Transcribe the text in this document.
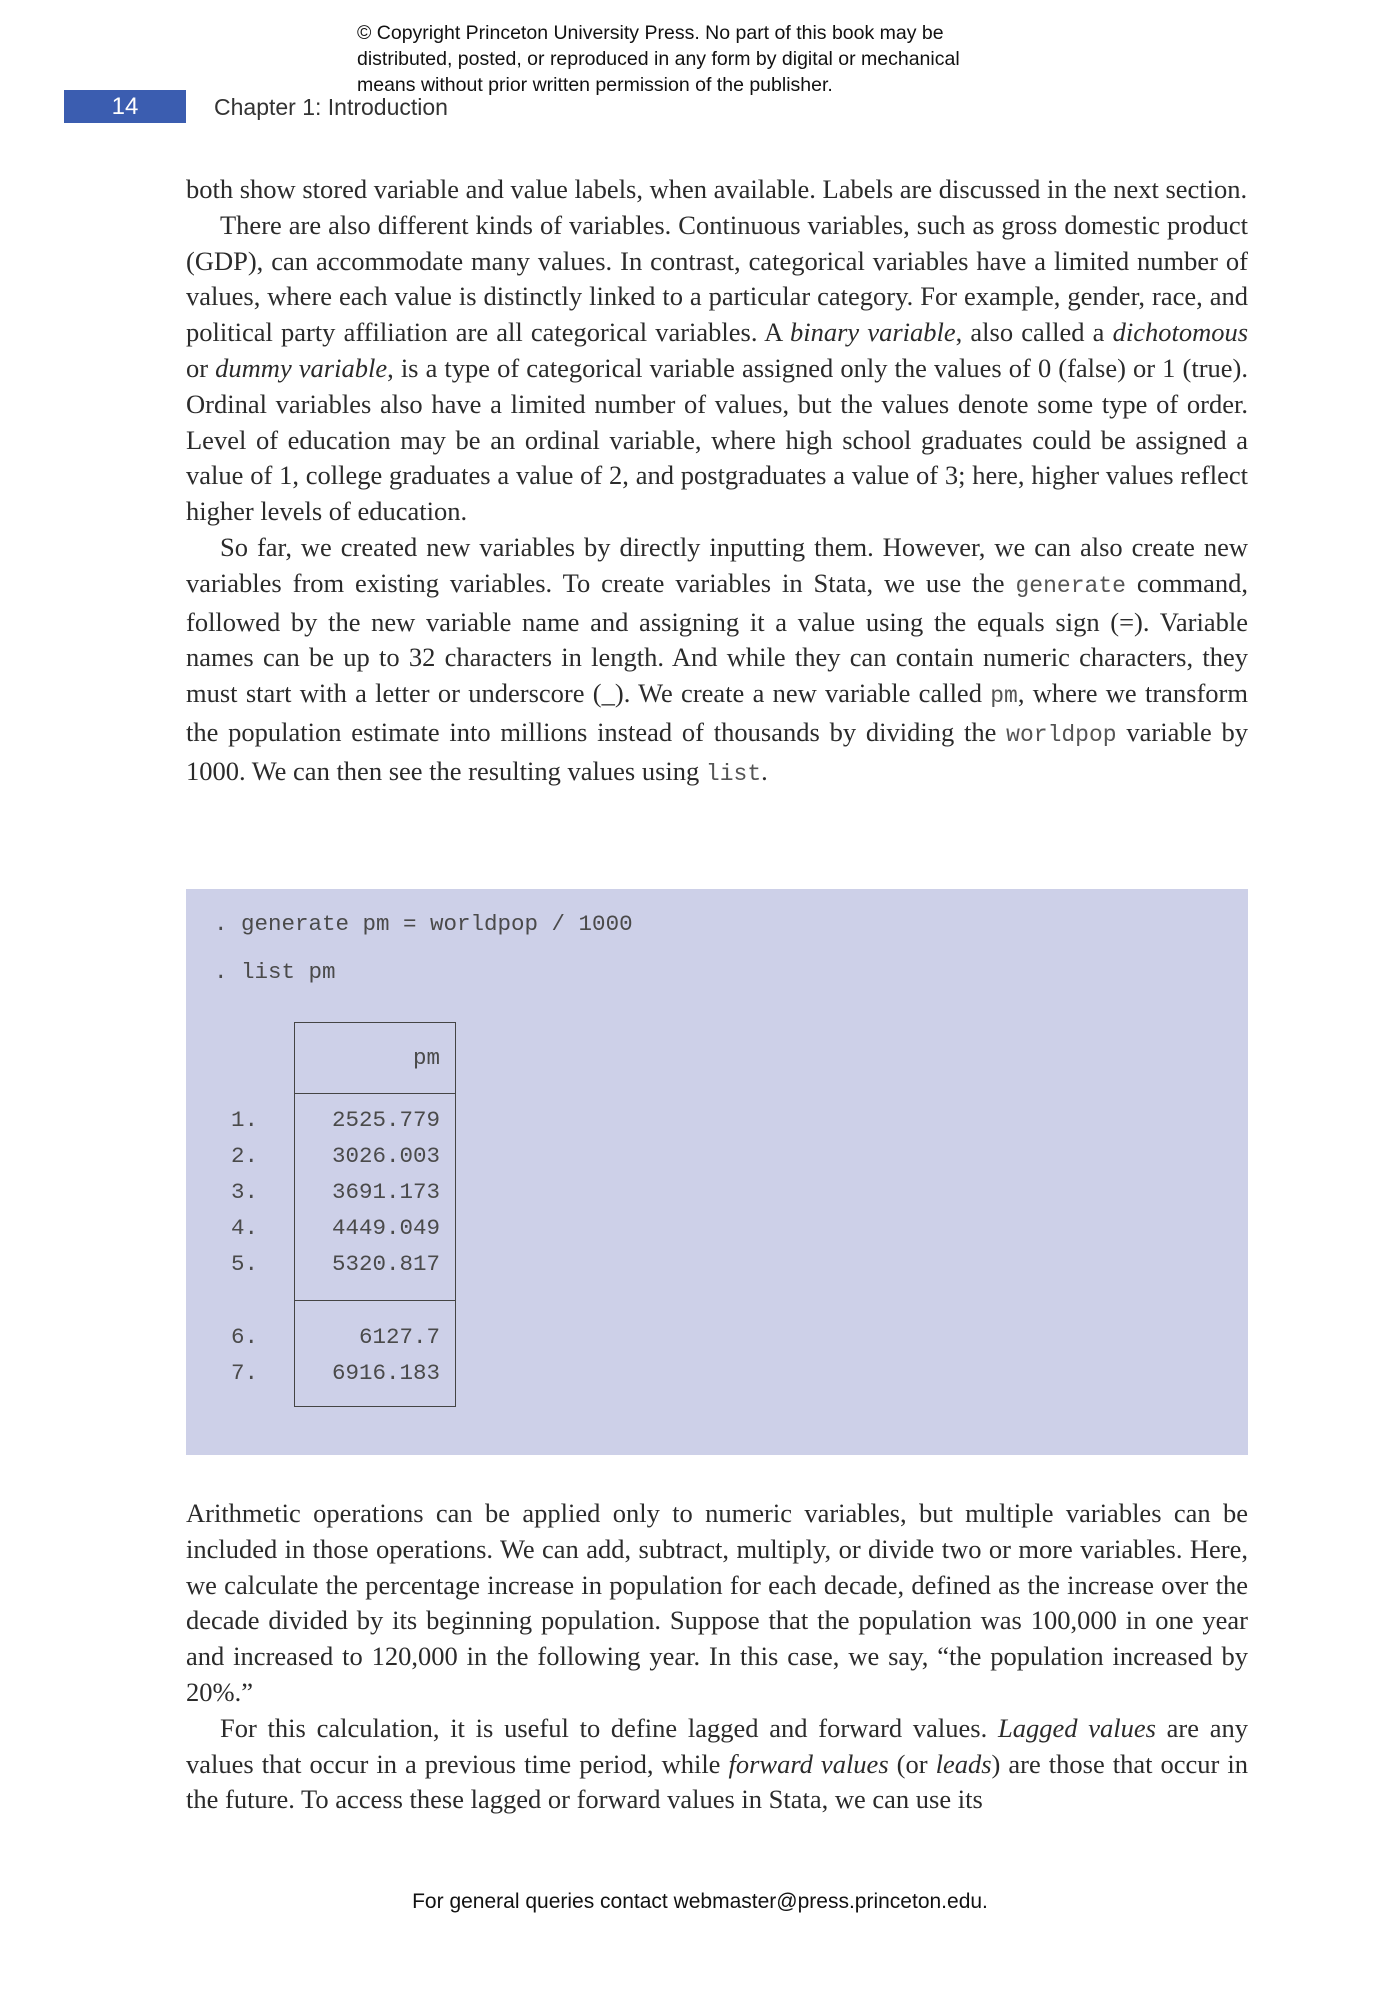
© Copyright Princeton University Press. No part of this book may be
distributed, posted, or reproduced in any form by digital or mechanical
means without prior written permission of the publisher.
14	Chapter 1: Introduction

both show stored variable and value labels, when available. Labels are discussed in the next section.

There are also different kinds of variables. Continuous variables, such as gross domestic product (GDP), can accommodate many values. In contrast, categorical variables have a limited number of values, where each value is distinctly linked to a particular category. For example, gender, race, and political party affiliation are all categorical variables. A binary variable, also called a dichotomous or dummy variable, is a type of categorical variable assigned only the values of 0 (false) or 1 (true). Ordinal variables also have a limited number of values, but the values denote some type of order. Level of education may be an ordinal variable, where high school graduates could be assigned a value of 1, college graduates a value of 2, and postgraduates a value of 3; here, higher values reflect higher levels of education.

So far, we created new variables by directly inputting them. However, we can also create new variables from existing variables. To create variables in Stata, we use the generate command, followed by the new variable name and assigning it a value using the equals sign (=). Variable names can be up to 32 characters in length. And while they can contain numeric characters, they must start with a letter or underscore (_). We create a new variable called pm, where we transform the population estimate into millions instead of thousands by dividing the worldpop variable by 1000. We can then see the resulting values using list.

. generate pm = worldpop / 1000
. list pm
pm
2525.779
3026.003
3691.173
4449.049
5320.817
6127.7
6916.183
1.
2.
3.
4.
5.
6.
7.

Arithmetic operations can be applied only to numeric variables, but multiple variables can be included in those operations. We can add, subtract, multiply, or divide two or more variables. Here, we calculate the percentage increase in population for each decade, defined as the increase over the decade divided by its beginning population. Suppose that the population was 100,000 in one year and increased to 120,000 in the following year. In this case, we say, “the population increased by 20%.”

For this calculation, it is useful to define lagged and forward values. Lagged values are any values that occur in a previous time period, while forward values (or leads) are those that occur in the future. To access these lagged or forward values in Stata, we can use its

For general queries contact webmaster@press.princeton.edu.
